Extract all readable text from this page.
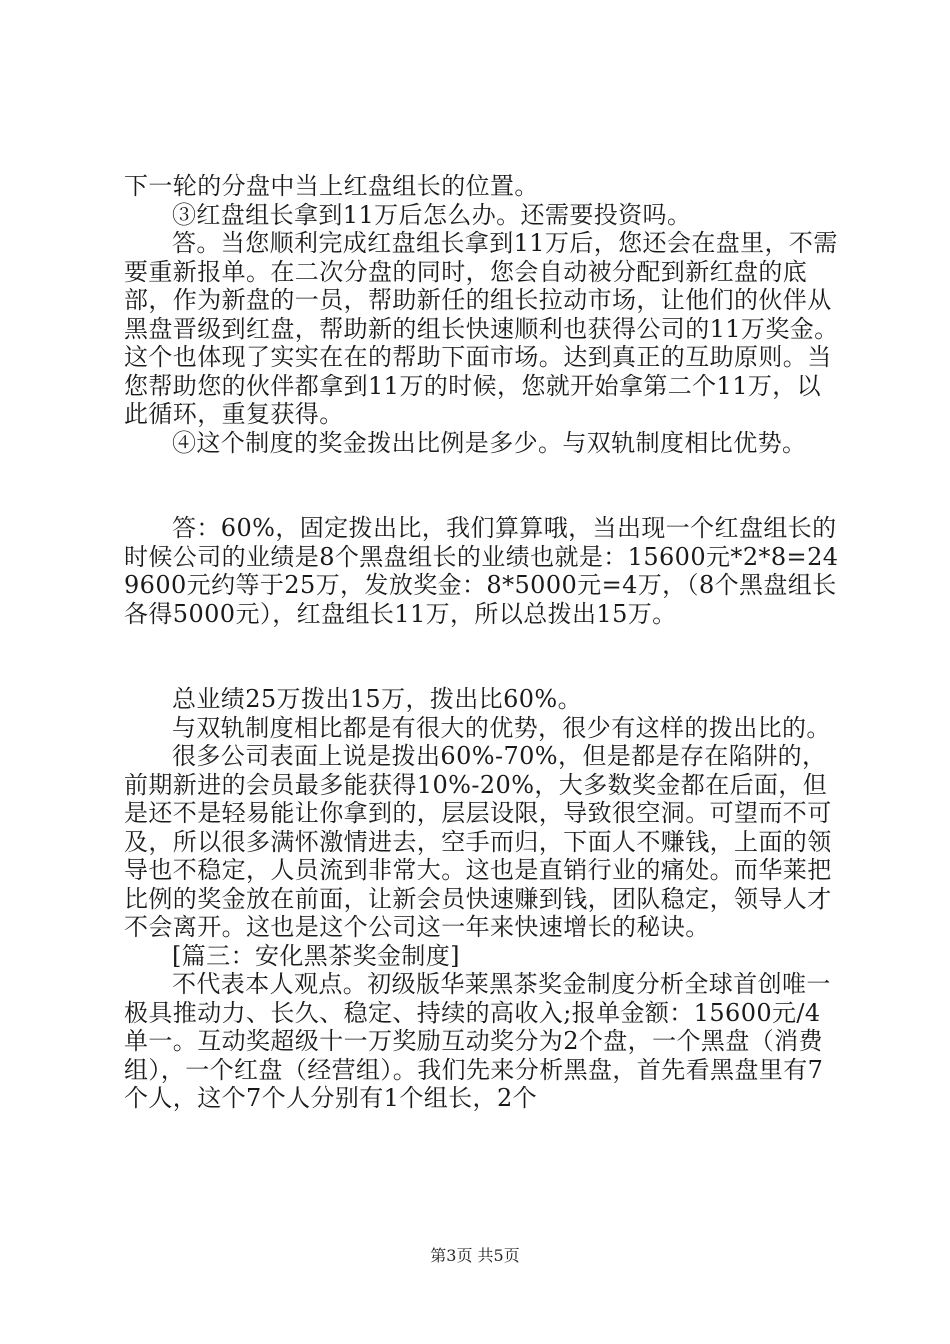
下一轮的分盘中当上红盘组长的位置。

③红盘组长拿到11万后怎么办。还需要投资吗。

答。当您顺利完成红盘组长拿到11万后，您还会在盘里，不需要重新报单。在二次分盘的同时，您会自动被分配到新红盘的底部，作为新盘的一员，帮助新任的组长拉动市场，让他们的伙伴从黑盘晋级到红盘，帮助新的组长快速顺利也获得公司的11万奖金。这个也体现了实实在在的帮助下面市场。达到真正的互助原则。当您帮助您的伙伴都拿到11万的时候，您就开始拿第二个11万，以此循环，重复获得。

④这个制度的奖金拨出比例是多少。与双轨制度相比优势。

答：60%，固定拨出比，我们算算哦，当出现一个红盘组长的时候公司的业绩是8个黑盘组长的业绩也就是：15600元*2*8=249600元约等于25万，发放奖金：8*5000元=4万，（8个黑盘组长各得5000元），红盘组长11万，所以总拨出15万。

总业绩25万拨出15万，拨出比60%。

与双轨制度相比都是有很大的优势，很少有这样的拨出比的。

很多公司表面上说是拨出60%-70%，但是都是存在陷阱的，前期新进的会员最多能获得10%-20%，大多数奖金都在后面，但是还不是轻易能让你拿到的，层层设限，导致很空洞。可望而不可及，所以很多满怀激情进去，空手而归，下面人不赚钱，上面的领导也不稳定，人员流到非常大。这也是直销行业的痛处。而华莱把比例的奖金放在前面，让新会员快速赚到钱，团队稳定，领导人才不会离开。这也是这个公司这一年来快速增长的秘诀。

[篇三：安化黑茶奖金制度]

不代表本人观点。初级版华莱黑茶奖金制度分析全球首创唯一极具推动力、长久、稳定、持续的高收入;报单金额：15600元/4单一。互动奖超级十一万奖励互动奖分为2个盘，一个黑盘（消费组），一个红盘（经营组）。我们先来分析黑盘，首先看黑盘里有7个人，这个7个人分别有1个组长，2个

第3页 共5页
